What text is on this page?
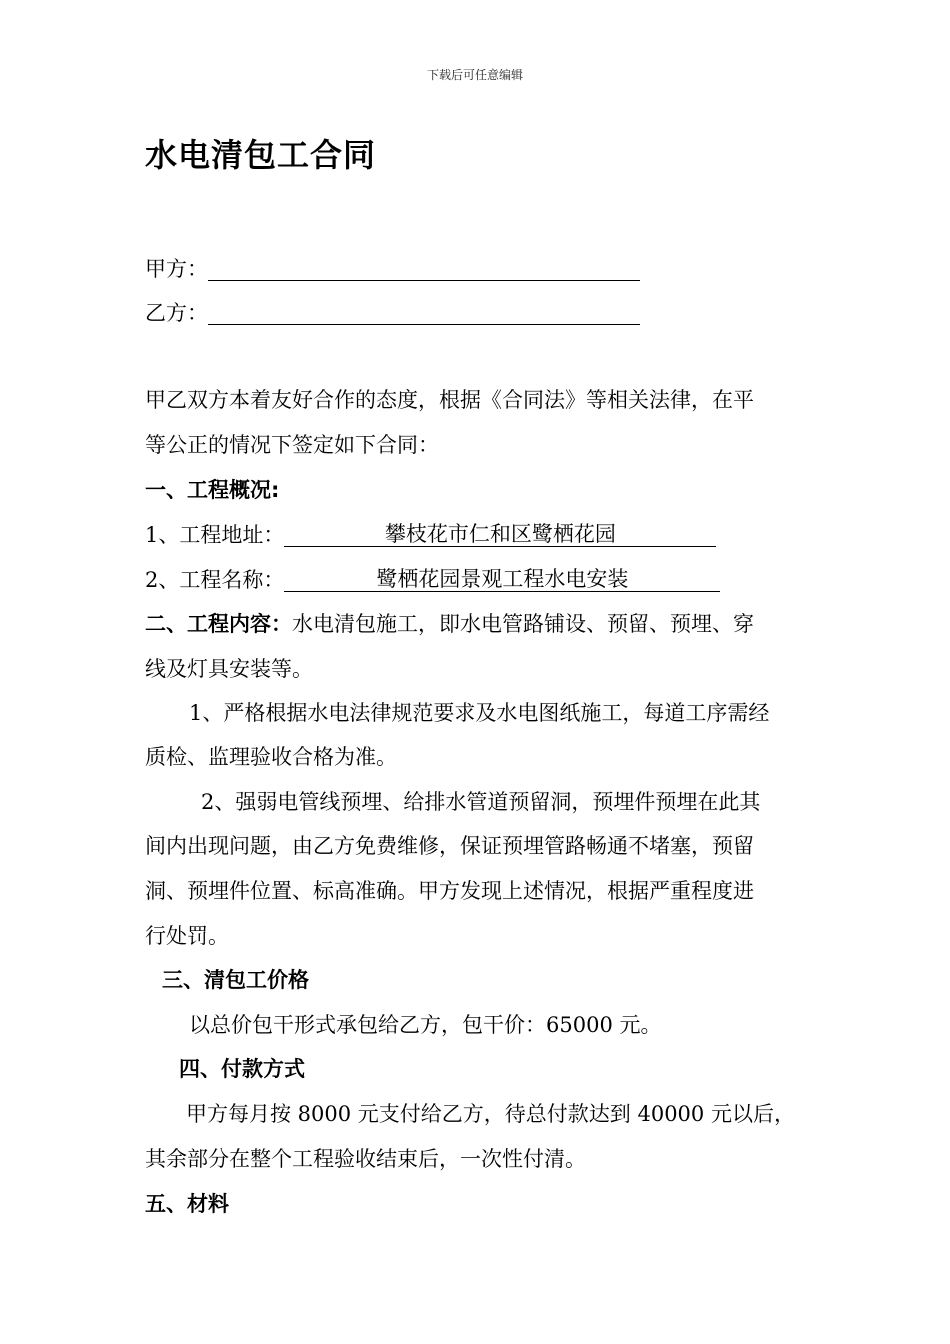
下载后可任意编辑
水电清包工合同
甲方：
乙方：
甲乙双方本着友好合作的态度，根据《合同法》等相关法律，在平
等公正的情况下签定如下合同：
一、工程概况:
1、工程地址：	攀枝花市仁和区鹭栖花园
2、工程名称：	鹭栖花园景观工程水电安装
二、工程内容：水电清包施工，即水电管路铺设、预留、预埋、穿
线及灯具安装等。
1、严格根据水电法律规范要求及水电图纸施工，每道工序需经
质检、监理验收合格为准。
2、强弱电管线预埋、给排水管道预留洞，预埋件预埋在此其
间内出现问题，由乙方免费维修，保证预埋管路畅通不堵塞，预留
洞、预埋件位置、标高准确。甲方发现上述情况，根据严重程度进
行处罚。
三、清包工价格
以总价包干形式承包给乙方，包干价：65000 元。
四、付款方式
甲方每月按 8000 元支付给乙方，待总付款达到 40000 元以后，
其余部分在整个工程验收结束后，一次性付清。
五、材料
